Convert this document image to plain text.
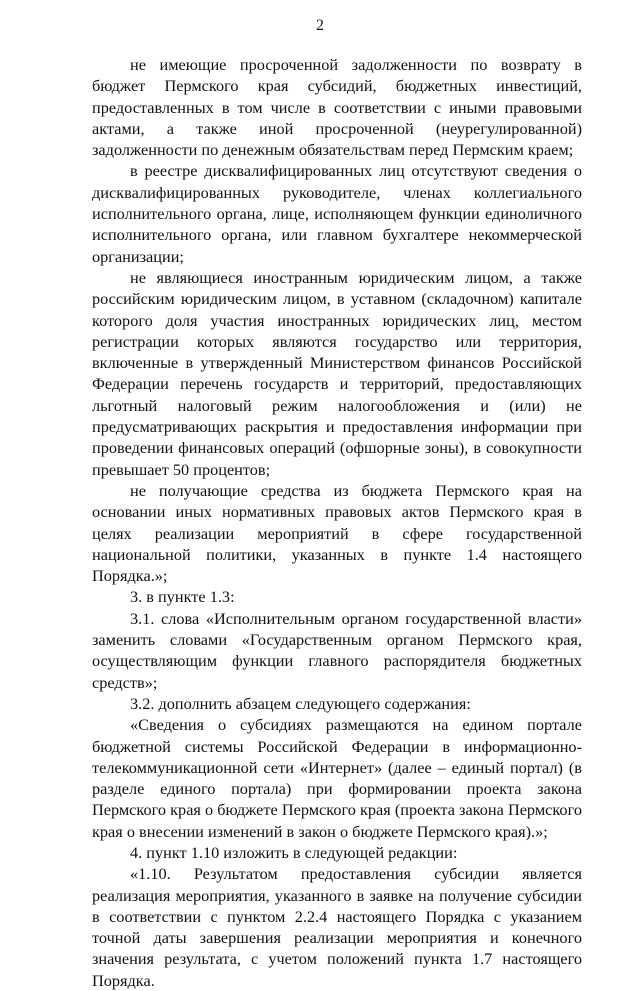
2

не имеющие просроченной задолженности по возврату в бюджет Пермского края субсидий, бюджетных инвестиций, предоставленных в том числе в соответствии с иными правовыми актами, а также иной просроченной (неурегулированной) задолженности по денежным обязательствам перед Пермским краем;

в реестре дисквалифицированных лиц отсутствуют сведения о дисквалифицированных руководителе, членах коллегиального исполнительного органа, лице, исполняющем функции единоличного исполнительного органа, или главном бухгалтере некоммерческой организации;

не являющиеся иностранным юридическим лицом, а также российским юридическим лицом, в уставном (складочном) капитале которого доля участия иностранных юридических лиц, местом регистрации которых являются государство или территория, включенные в утвержденный Министерством финансов Российской Федерации перечень государств и территорий, предоставляющих льготный налоговый режим налогообложения и (или) не предусматривающих раскрытия и предоставления информации при проведении финансовых операций (офшорные зоны), в совокупности превышает 50 процентов;

не получающие средства из бюджета Пермского края на основании иных нормативных правовых актов Пермского края в целях реализации мероприятий в сфере государственной национальной политики, указанных в пункте 1.4 настоящего Порядка.»;

3. в пункте 1.3:

3.1. слова «Исполнительным органом государственной власти» заменить словами «Государственным органом Пермского края, осуществляющим функции главного распорядителя бюджетных средств»;

3.2. дополнить абзацем следующего содержания:

«Сведения о субсидиях размещаются на едином портале бюджетной системы Российской Федерации в информационно-телекоммуникационной сети «Интернет» (далее – единый портал) (в разделе единого портала) при формировании проекта закона Пермского края о бюджете Пермского края (проекта закона Пермского края о внесении изменений в закон о бюджете Пермского края).»;

4. пункт 1.10 изложить в следующей редакции:

«1.10. Результатом предоставления субсидии является реализация мероприятия, указанного в заявке на получение субсидии в соответствии с пунктом 2.2.4 настоящего Порядка с указанием точной даты завершения реализации мероприятия и конечного значения результата, с учетом положений пункта 1.7 настоящего Порядка.
